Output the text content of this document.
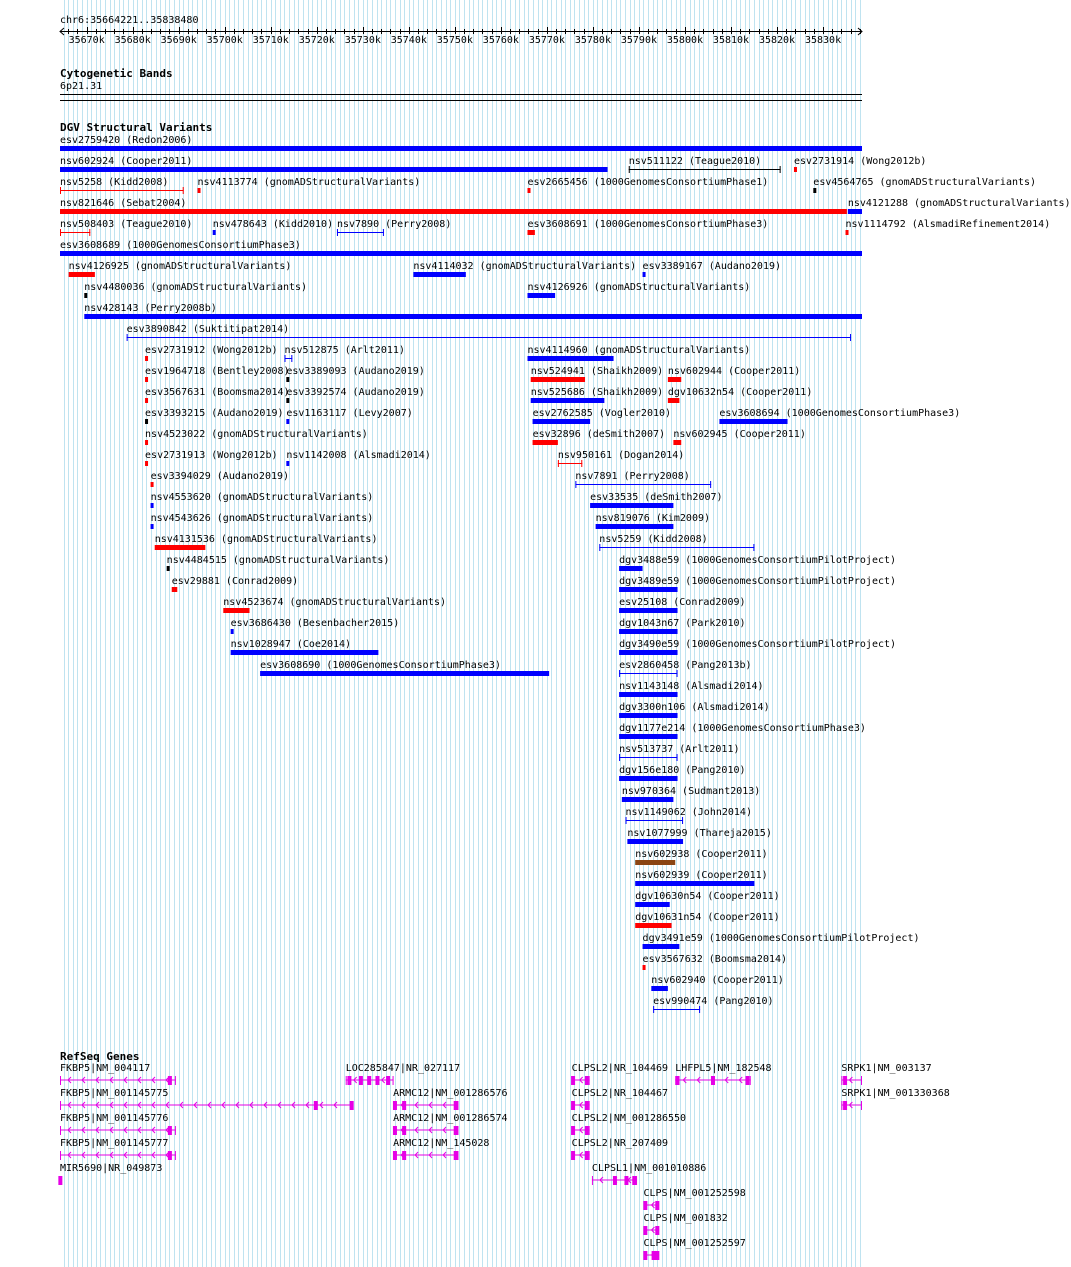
chr6:35664221..35838480
35670k 35680k 35690k 35700k 35710k 35720k 35730k 35740k 35750k 35760k 35770k 35780k 35790k 35800k 35810k 35820k 35830k
Cytogenetic Bands
6p21.31
DGV Structural Variants
esv2759420 (Redon2006)
nsv602924 (Cooper2011)	nsv511122 (Teague2010)	esv2731914 (Wong2012b)
nsv5258 (Kidd2008)	nsv4113774 (gnomADStructuralVariants)	esv2665456 (1000GenomesConsortiumPhase1)	esv4564765 (gnomADStructuralVariants)
nsv821646 (Sebat2004)	nsv4121288 (gnomADStructuralVariants)
nsv508403 (Teague2010) nsv478643 (Kidd2010) nsv7890 (Perry2008)	esv3608691 (1000GenomesConsortiumPhase3)	nsv1114792 (AlsmadiRefinement2014)
esv3608689 (1000GenomesConsortiumPhase3)
nsv4126925 (gnomADStructuralVariants)	nsv4114032 (gnomADStructuralVariants) esv3389167 (Audano2019)
nsv4480036 (gnomADStructuralVariants)	nsv4126926 (gnomADStructuralVariants)
nsv428143 (Perry2008b)
esv3890842 (Suktitipat2014)
esv2731912 (Wong2012b) nsv512875 (Arlt2011)	nsv4114960 (gnomADStructuralVariants)
esv1964718 (Bentley2008)
esv3389093 (Audano2019)	nsv524941 (Shaikh2009) nsv602944 (Cooper2011)
esv3567631 (Boomsma2014)
esv3392574 (Audano2019)	nsv525686 (Shaikh2009) dgv10632n54 (Cooper2011)
esv3393215 (Audano2019) esv1163117 (Levy2007)	esv2762585 (Vogler2010)	esv3608694 (1000GenomesConsortiumPhase3)
nsv4523022 (gnomADStructuralVariants)	esv32896 (deSmith2007) nsv602945 (Cooper2011)
esv2731913 (Wong2012b) nsv1142008 (Alsmadi2014)	nsv950161 (Dogan2014)
esv3394029 (Audano2019)	nsv7891 (Perry2008)
nsv4553620 (gnomADStructuralVariants)	esv33535 (deSmith2007)
nsv4543626 (gnomADStructuralVariants)	nsv819076 (Kim2009)
nsv4131536 (gnomADStructuralVariants)	nsv5259 (Kidd2008)
nsv4484515 (gnomADStructuralVariants)	dgv3488e59 (1000GenomesConsortiumPilotProject)
esv29881 (Conrad2009)	dgv3489e59 (1000GenomesConsortiumPilotProject)
nsv4523674 (gnomADStructuralVariants)	esv25108 (Conrad2009)
esv3686430 (Besenbacher2015)	dgv1043n67 (Park2010)
nsv1028947 (Coe2014)	dgv3490e59 (1000GenomesConsortiumPilotProject)
esv3608690 (1000GenomesConsortiumPhase3)	esv2860458 (Pang2013b)
nsv1143148 (Alsmadi2014)
dgv3300n106 (Alsmadi2014)
dgv1177e214 (1000GenomesConsortiumPhase3)
nsv513737 (Arlt2011)
dgv156e180 (Pang2010)
nsv970364 (Sudmant2013)
nsv1149062 (John2014)
nsv1077999 (Thareja2015)
nsv602938 (Cooper2011)
nsv602939 (Cooper2011)
dgv10630n54 (Cooper2011)
dgv10631n54 (Cooper2011)
dgv3491e59 (1000GenomesConsortiumPilotProject)
esv3567632 (Boomsma2014)
nsv602940 (Cooper2011)
esv990474 (Pang2010)
RefSeq Genes
FKBP5|NM_004117	LOC285847|NR_027117	CLPSL2|NR_104469 LHFPL5|NM_182548	SRPK1|NM_003137
FKBP5|NM_001145775	ARMC12|NM_001286576	CLPSL2|NR_104467	SRPK1|NM_001330368
FKBP5|NM_001145776	ARMC12|NM_001286574	CLPSL2|NM_001286550
FKBP5|NM_001145777	ARMC12|NM_145028	CLPSL2|NR_207409
MIR5690|NR_049873	CLPSL1|NM_001010886
CLPS|NM_001252598
CLPS|NM_001832
CLPS|NM_001252597
